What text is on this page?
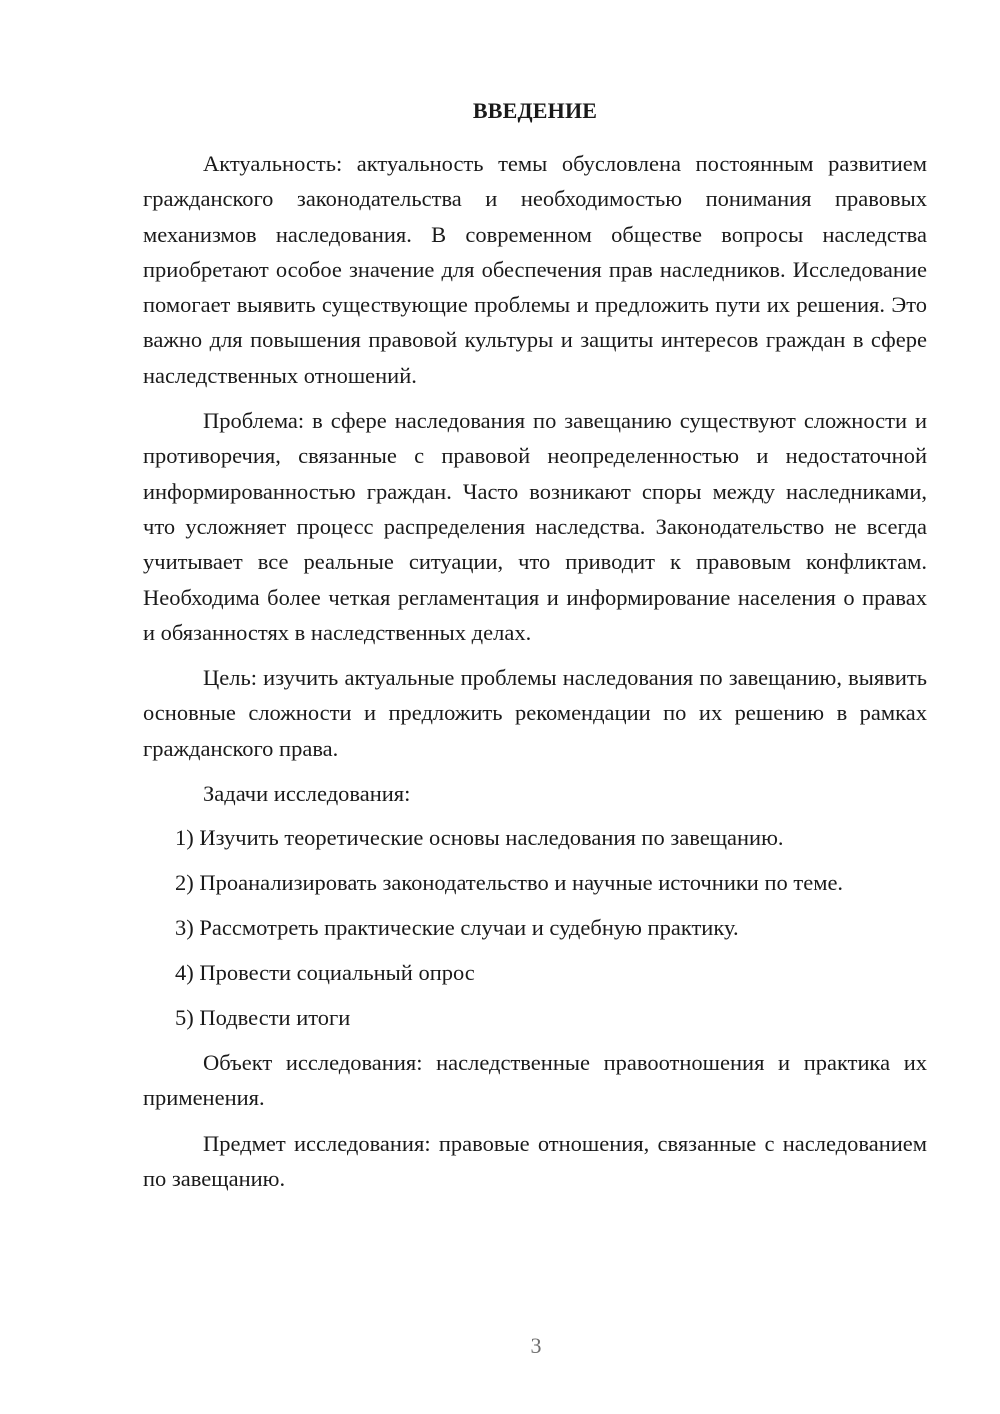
ВВЕДЕНИЕ

Актуальность: актуальность темы обусловлена постоянным развитием гражданского законодательства и необходимостью понимания правовых механизмов наследования. В современном обществе вопросы наследства приобретают особое значение для обеспечения прав наследников. Исследование помогает выявить существующие проблемы и предложить пути их решения. Это важно для повышения правовой культуры и защиты интересов граждан в сфере наследственных отношений.

Проблема: в сфере наследования по завещанию существуют сложности и противоречия, связанные с правовой неопределенностью и недостаточной информированностью граждан. Часто возникают споры между наследниками, что усложняет процесс распределения наследства. Законодательство не всегда учитывает все реальные ситуации, что приводит к правовым конфликтам. Необходима более четкая регламентация и информирование населения о правах и обязанностях в наследственных делах.

Цель: изучить актуальные проблемы наследования по завещанию, выявить основные сложности и предложить рекомендации по их решению в рамках гражданского права.

Задачи исследования:
1) Изучить теоретические основы наследования по завещанию.
2) Проанализировать законодательство и научные источники по теме.
3) Рассмотреть практические случаи и судебную практику.
4) Провести социальный опрос
5) Подвести итоги

Объект исследования: наследственные правоотношения и практика их применения.

Предмет исследования: правовые отношения, связанные с наследованием по завещанию.

3
